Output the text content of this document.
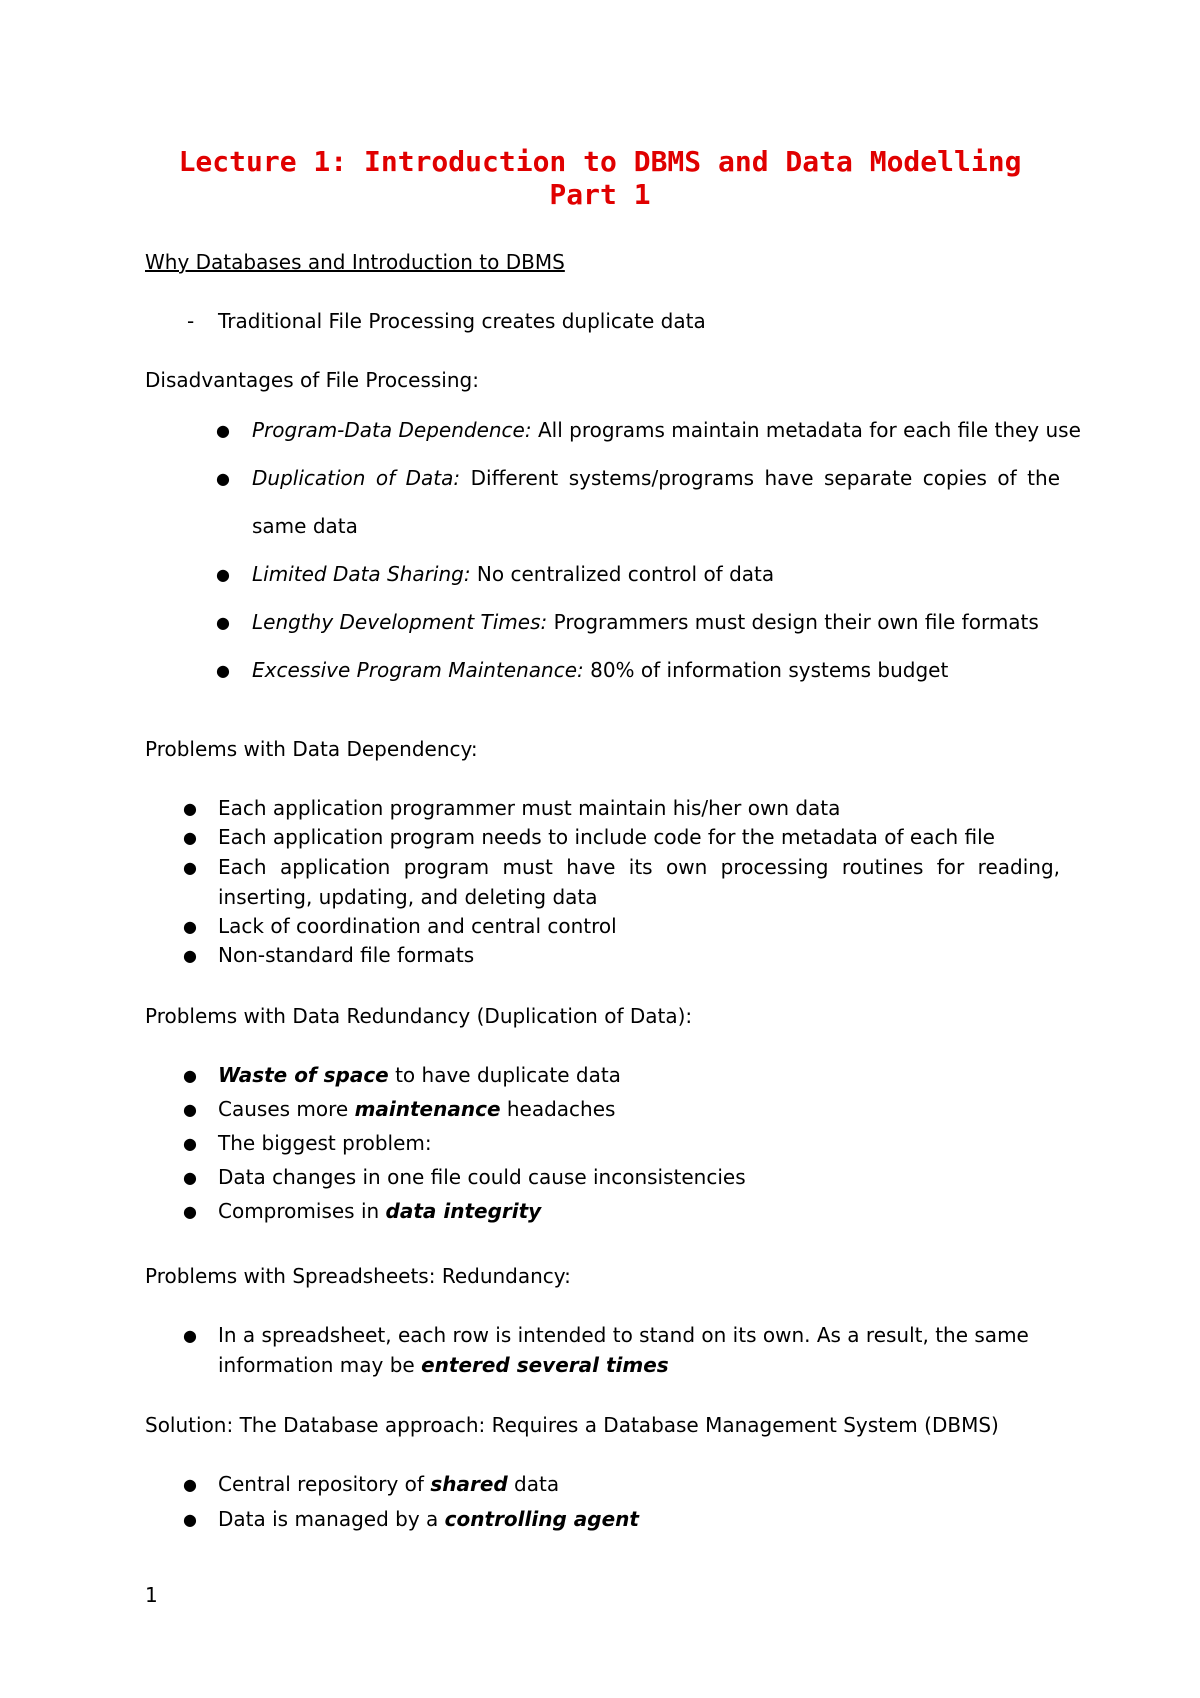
Lecture 1: Introduction to DBMS and Data Modelling
Part 1
Why Databases and Introduction to DBMS
- Traditional File Processing creates duplicate data
Disadvantages of File Processing:
● Program-Data Dependence: All programs maintain metadata for each file they use
● Duplication of Data: Different systems/programs have separate copies of the
same data
● Limited Data Sharing: No centralized control of data
● Lengthy Development Times: Programmers must design their own file formats
● Excessive Program Maintenance: 80% of information systems budget
Problems with Data Dependency:
● Each application programmer must maintain his/her own data
● Each application program needs to include code for the metadata of each file
● Each application program must have its own processing routines for reading,
inserting, updating, and deleting data
● Lack of coordination and central control
● Non-standard file formats
Problems with Data Redundancy (Duplication of Data):
● Waste of space to have duplicate data
● Causes more maintenance headaches
● The biggest problem:
● Data changes in one file could cause inconsistencies
● Compromises in data integrity
Problems with Spreadsheets: Redundancy:
● In a spreadsheet, each row is intended to stand on its own. As a result, the same
information may be entered several times
Solution: The Database approach: Requires a Database Management System (DBMS)
● Central repository of shared data
● Data is managed by a controlling agent
1
